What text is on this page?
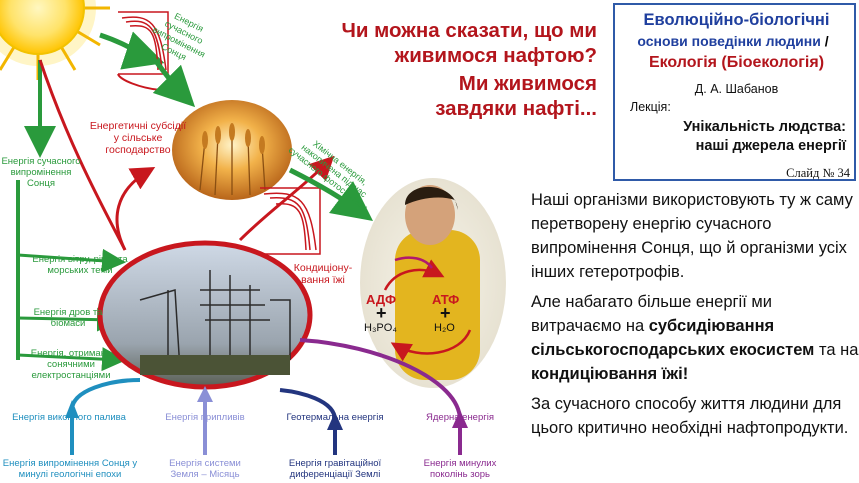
Енергія сучасного випромінення Сонця
Енергетичні субсідії у сільське господарство	Хімічна енергія, накопичена під час сучасного фотосинтезу
Кондиціону-вання їжі
Енергія сучасного випромінення Сонця
Енергія вітру, річок та морських течій
Енергія дров та біомаси
Енергія, отримана сонячними електростанціями
АДФ	АТФ
+	+
H₃PO₄	H₂O
Енергія викопного палива
Енергія випромінення Сонця у минулі геологічні епохи
Енергія припливів
Енергія системи Земля – Місяць
Геотермальна енергія
Енергія гравітаційної диференціації Землі
Ядерна енергія
Енергія минулих поколінь зорь
Чи можна сказати, що ми
живимося нафтою?
Ми живимося
завдяки нафті...
Еволюційно-біологічні
основи поведінки людини /
Екологія (Біоекологія)
Д. А. Шабанов
Лекція:
Унікальність людства:
наші джерела енергії
Слайд № 34

Наші організми використовують ту ж саму перетворену енергію сучасного випромінення Сонця, що й організми усіх інших гетеротрофів.

Але набагато більше енергії ми витрачаємо на субсидіювання сільськогосподарських екосистем та на кондиціювання їжі!

За сучасного способу життя людини для цього критично необхідні нафтопродукти.
